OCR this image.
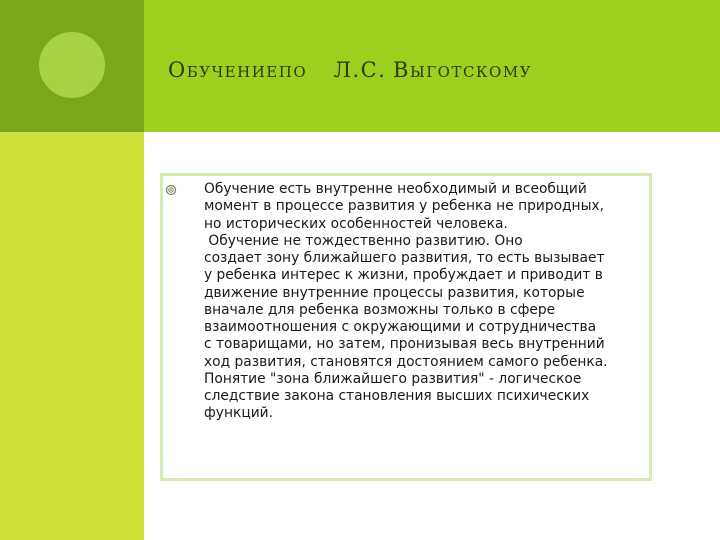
ОБУЧЕНИЕПО Л.С. ВЫГОТСКОМУ
Обучение есть внутренне необходимый и всеобщий
момент в процессе развития у ребенка не природных,
но исторических особенностей человека.
Обучение не тождественно развитию. Оно
создает зону ближайшего развития, то есть вызывает
у ребенка интерес к жизни, пробуждает и приводит в
движение внутренние процессы развития, которые
вначале для ребенка возможны только в сфере
взаимоотношения с окружающими и сотрудничества
с товарищами, но затем, пронизывая весь внутренний
ход развития, становятся достоянием самого ребенка.
Понятие "зона ближайшего развития" - логическое
следствие закона становления высших психических
функций.
